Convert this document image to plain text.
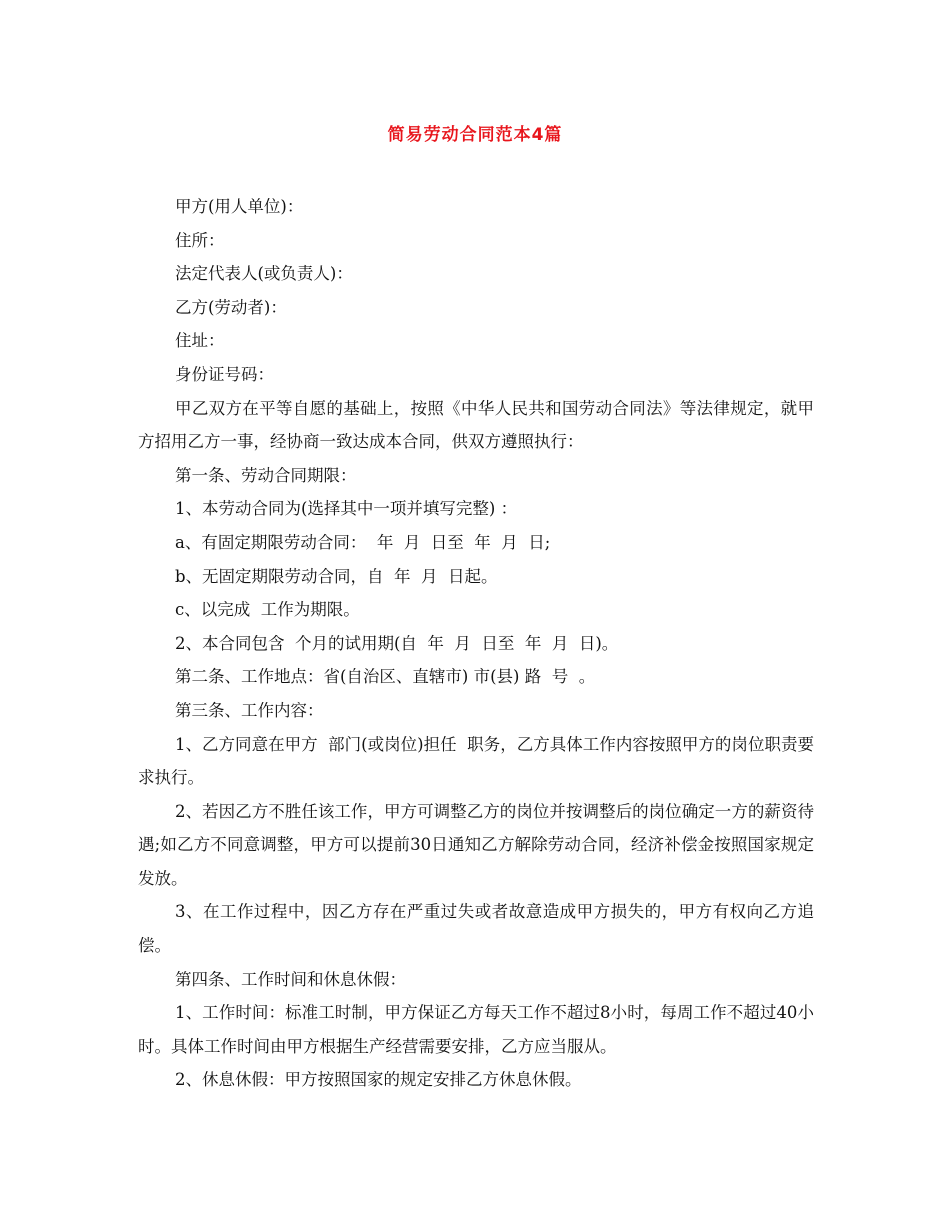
简易劳动合同范本4篇

甲方(用人单位)：

住所：

法定代表人(或负责人)：

乙方(劳动者)：

住址：

身份证号码：

甲乙双方在平等自愿的基础上，按照《中华人民共和国劳动合同法》等法律规定，就甲方招用乙方一事，经协商一致达成本合同，供双方遵照执行：

第一条、劳动合同期限：

1、本劳动合同为(选择其中一项并填写完整) ：

a、有固定期限劳动合同：  年  月  日至  年  月  日;

b、无固定期限劳动合同，自  年  月  日起。

c、以完成  工作为期限。

2、本合同包含  个月的试用期(自  年  月  日至  年  月  日)。

第二条、工作地点：省(自治区、直辖市) 市(县) 路  号  。

第三条、工作内容：

1、乙方同意在甲方  部门(或岗位)担任  职务，乙方具体工作内容按照甲方的岗位职责要求执行。

2、若因乙方不胜任该工作，甲方可调整乙方的岗位并按调整后的岗位确定一方的薪资待遇;如乙方不同意调整，甲方可以提前30日通知乙方解除劳动合同，经济补偿金按照国家规定发放。

3、在工作过程中，因乙方存在严重过失或者故意造成甲方损失的，甲方有权向乙方追偿。

第四条、工作时间和休息休假：

1、工作时间：标准工时制，甲方保证乙方每天工作不超过8小时，每周工作不超过40小时。具体工作时间由甲方根据生产经营需要安排，乙方应当服从。

2、休息休假：甲方按照国家的规定安排乙方休息休假。
